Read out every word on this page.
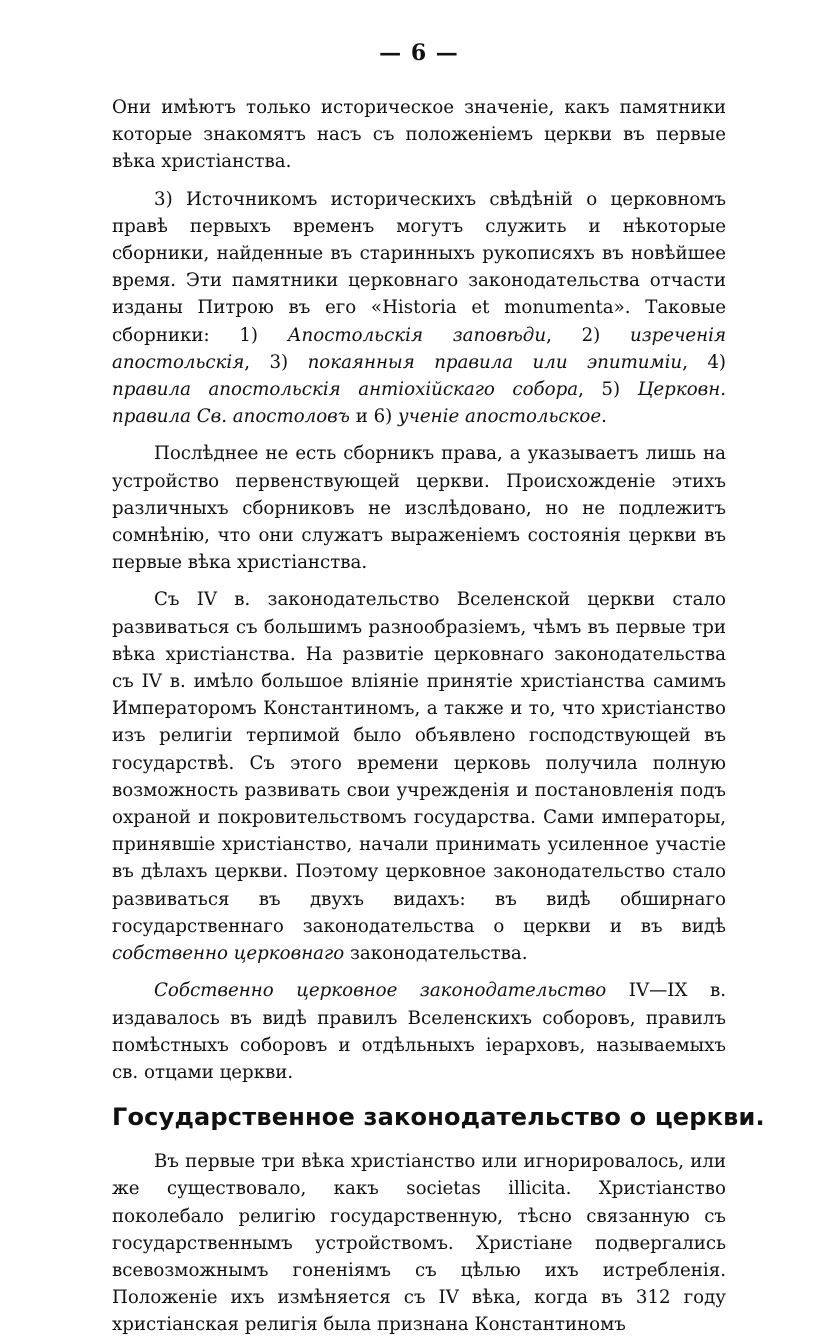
— 6 —

Они имѣютъ только историческое значенiе, какъ памятники которые знакомятъ насъ съ положенiемъ церкви въ первые вѣка христiанства.

3) Источникомъ историческихъ свѣдѣнiй о церковномъ правѣ первыхъ временъ могутъ служить и нѣкоторые сборники, найденные въ старинныхъ рукописяхъ въ новѣйшее время. Эти памятники церковнаго законодательства отчасти изданы Питрою въ его «Historia et monumenta». Таковые сборники: 1) Апостольскiя заповѣди, 2) изреченiя апостольскiя, 3) покаянныя правила или эпитимiи, 4) правила апостольскiя антiохiйскаго собора, 5) Церковн. правила Св. апостоловъ и 6) ученiе апостольское.

Послѣднее не есть сборникъ права, а указываетъ лишь на устройство первенствующей церкви. Происхожденiе этихъ различныхъ сборниковъ не изслѣдовано, но не подлежитъ сомнѣнiю, что они служатъ выраженiемъ состоянiя церкви въ первые вѣка христiанства.

Съ IV в. законодательство Вселенской церкви стало развиваться съ большимъ разнообразiемъ, чѣмъ въ первые три вѣка христiанства. На развитiе церковнаго законодательства съ IV в. имѣло большое влiянiе принятiе христiанства самимъ Императоромъ Константиномъ, а также и то, что христiанство изъ религiи терпимой было объявлено господствующей въ государствѣ. Съ этого времени церковь получила полную возможность развивать свои учрежденiя и постановленiя подъ охраной и покровительствомъ государства. Сами императоры, принявшiе христiанство, начали принимать усиленное участiе въ дѣлахъ церкви. Поэтому церковное законодательство стало развиваться въ двухъ видахъ: въ видѣ обширнаго государственнаго законодательства о церкви и въ видѣ собственно церковнаго законодательства.

Собственно церковное законодательство IV—IX в. издавалось въ видѣ правилъ Вселенскихъ соборовъ, правилъ помѣстныхъ соборовъ и отдѣльныхъ iерарховъ, называемыхъ св. отцами церкви.

Государственное законодательство о церкви.

Въ первые три вѣка христiанство или игнорировалось, или же существовало, какъ societas illicita. Христiанство поколебало религiю государственную, тѣсно связанную съ государственнымъ устройствомъ. Христiане подвергались всевозможнымъ гоненiямъ съ цѣлью ихъ истребленiя. Положенiе ихъ измѣняется съ IV вѣка, когда въ 312 году христiанская религiя была признана Константиномъ
